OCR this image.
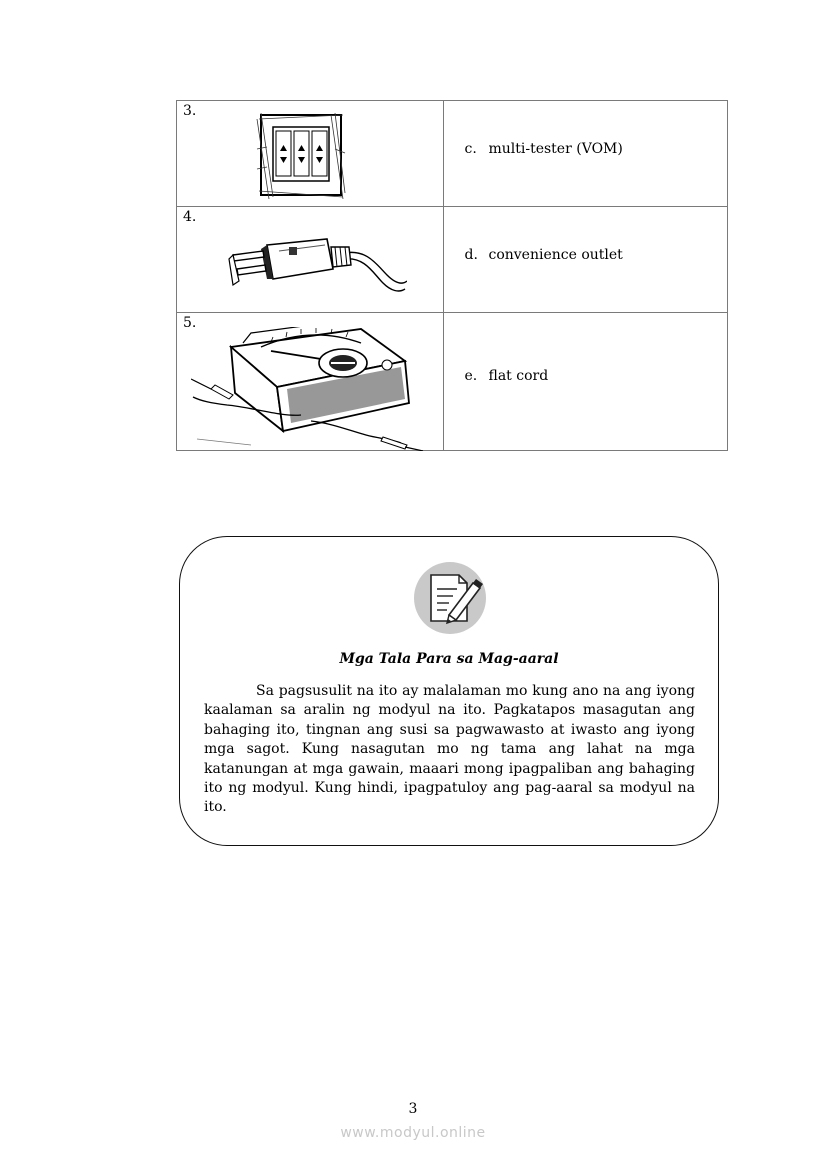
3.	c. multi-tester (VOM)

4.	d. convenience outlet

5.	e. flat cord
Mga Tala Para sa Mag-aaral

Sa pagsusulit na ito ay malalaman mo kung ano na ang iyong kaalaman sa aralin ng modyul na ito. Pagkatapos masagutan ang bahaging ito, tingnan ang susi sa pagwawasto at iwasto ang iyong mga sagot. Kung nasagutan mo ng tama ang lahat na mga katanungan at mga gawain, maaari mong ipagpaliban ang bahaging ito ng modyul. Kung hindi, ipagpatuloy ang pag-aaral sa modyul na ito.

3
www.modyul.online
